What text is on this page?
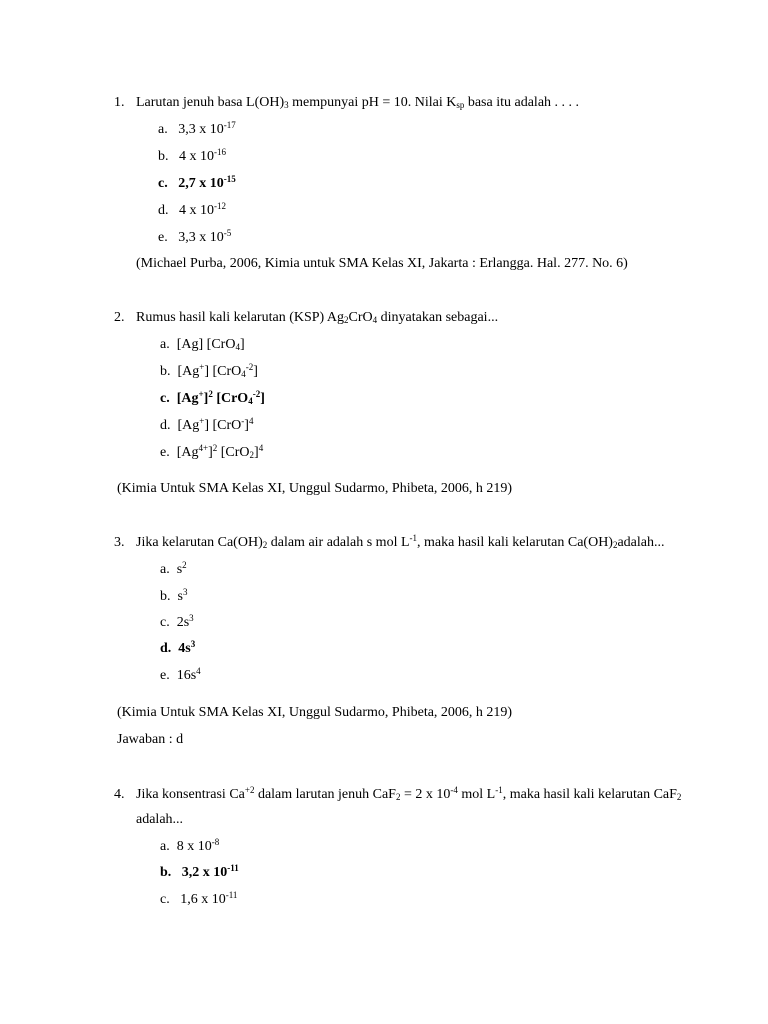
1. Larutan jenuh basa $L(OH)_3$ mempunyai pH = 10. Nilai $K_{sp}$ basa itu adalah . . . .
a. 3,3 x $10^{-17}$
b. 4 x $10^{-16}$
c. 2,7 x $10^{-15}$
d. 4 x $10^{-12}$
e. 3,3 x $10^{-5}$
(Michael Purba, 2006, Kimia untuk SMA Kelas XI, Jakarta : Erlangga. Hal. 277. No. 6)
2. Rumus hasil kali kelarutan (KSP) $Ag_2CrO_4$ dinyatakan sebagai...
a. [Ag] [CrO$_4$]
b. [Ag+] [CrO$_4^{-2}$]
c. $[Ag^+]^2$ [CrO$_4^{-2}$]
d. [Ag+] $[CrO^-]^4$
e. $[Ag^{4+}]^2$ $[CrO_2]^4$
(Kimia Untuk SMA Kelas XI, Unggul Sudarmo, Phibeta, 2006, h 219)
3. Jika kelarutan $Ca(OH)_2$ dalam air adalah s mol $L^{-1}$, maka hasil kali kelarutan $Ca(OH)_2adalah$...
a. $s^2$
b. $s^3$
c. $2s^3$
d. $4s^3$
e. $16s^4$
(Kimia Untuk SMA Kelas XI, Unggul Sudarmo, Phibeta, 2006, h 219)
Jawaban : d
4. Jika konsentrasi $Ca^{+2}$ dalam larutan jenuh CaF$_2$ = 2 x $10^{-4}$ mol $L^{-1}$, maka hasil kali kelarutan CaF$_2$
adalah...
a. 8 x $10^{-8}$
b. 3,2 x $10^{-11}$
c. 1,6 x $10^{-11}$
